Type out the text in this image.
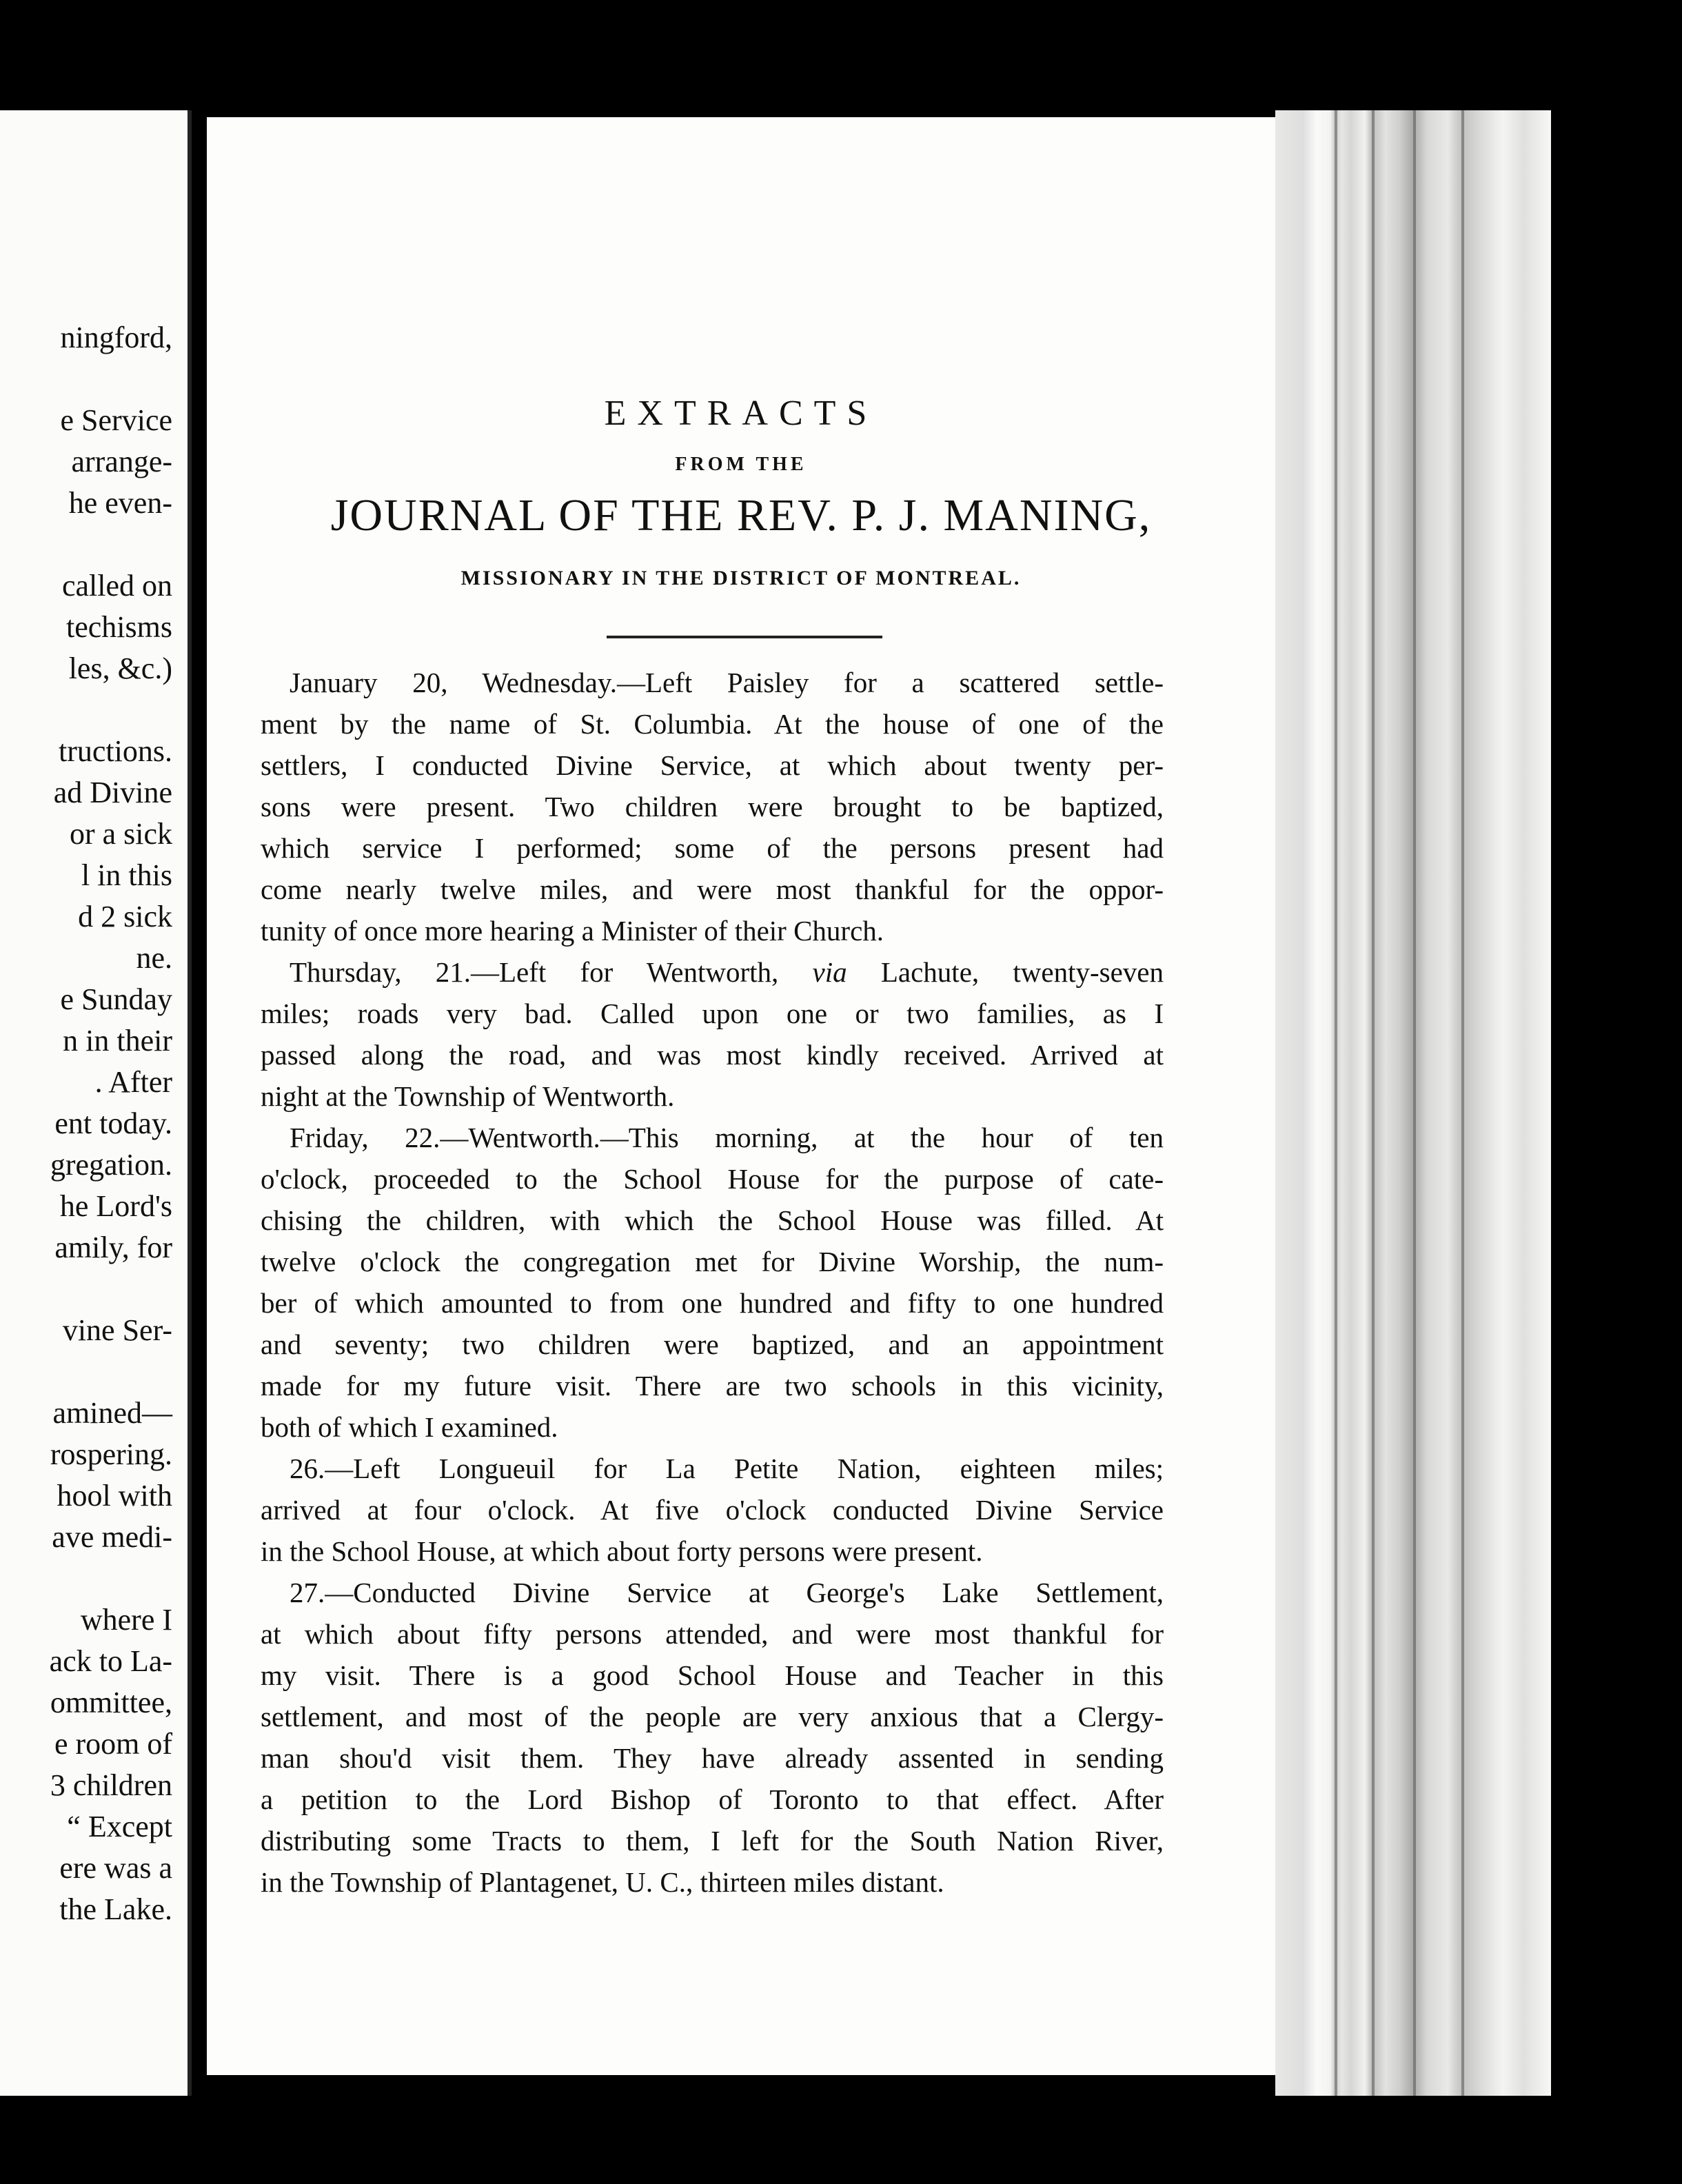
ningford,
e Service
arrange-
he even-
called on
techisms
les, &c.)
tructions.
ad Divine
or a sick
l in this
d 2 sick
ne.
e Sunday
n in their
. After
ent today.
gregation.
he Lord's
amily, for
vine Ser-
amined—
rospering.
hool with
ave medi-
where I
ack to La-
ommittee,
e room of
3 children
“ Except
ere was a
the Lake.
EXTRACTS
FROM THE
JOURNAL OF THE REV. P. J. MANING,
MISSIONARY IN THE DISTRICT OF MONTREAL.
January 20, Wednesday.—Left Paisley for a scattered settle-
ment by the name of St. Columbia. At the house of one of the
settlers, I conducted Divine Service, at which about twenty per-
sons were present. Two children were brought to be baptized,
which service I performed; some of the persons present had
come nearly twelve miles, and were most thankful for the oppor-
tunity of once more hearing a Minister of their Church.
Thursday, 21.—Left for Wentworth, via Lachute, twenty-seven
miles; roads very bad. Called upon one or two families, as I
passed along the road, and was most kindly received. Arrived at
night at the Township of Wentworth.
Friday, 22.—Wentworth.—This morning, at the hour of ten
o'clock, proceeded to the School House for the purpose of cate-
chising the children, with which the School House was filled. At
twelve o'clock the congregation met for Divine Worship, the num-
ber of which amounted to from one hundred and fifty to one hundred
and seventy; two children were baptized, and an appointment
made for my future visit. There are two schools in this vicinity,
both of which I examined.
26.—Left Longueuil for La Petite Nation, eighteen miles;
arrived at four o'clock. At five o'clock conducted Divine Service
in the School House, at which about forty persons were present.
27.—Conducted Divine Service at George's Lake Settlement,
at which about fifty persons attended, and were most thankful for
my visit. There is a good School House and Teacher in this
settlement, and most of the people are very anxious that a Clergy-
man shou'd visit them. They have already assented in sending
a petition to the Lord Bishop of Toronto to that effect. After
distributing some Tracts to them, I left for the South Nation River,
in the Township of Plantagenet, U. C., thirteen miles distant.
